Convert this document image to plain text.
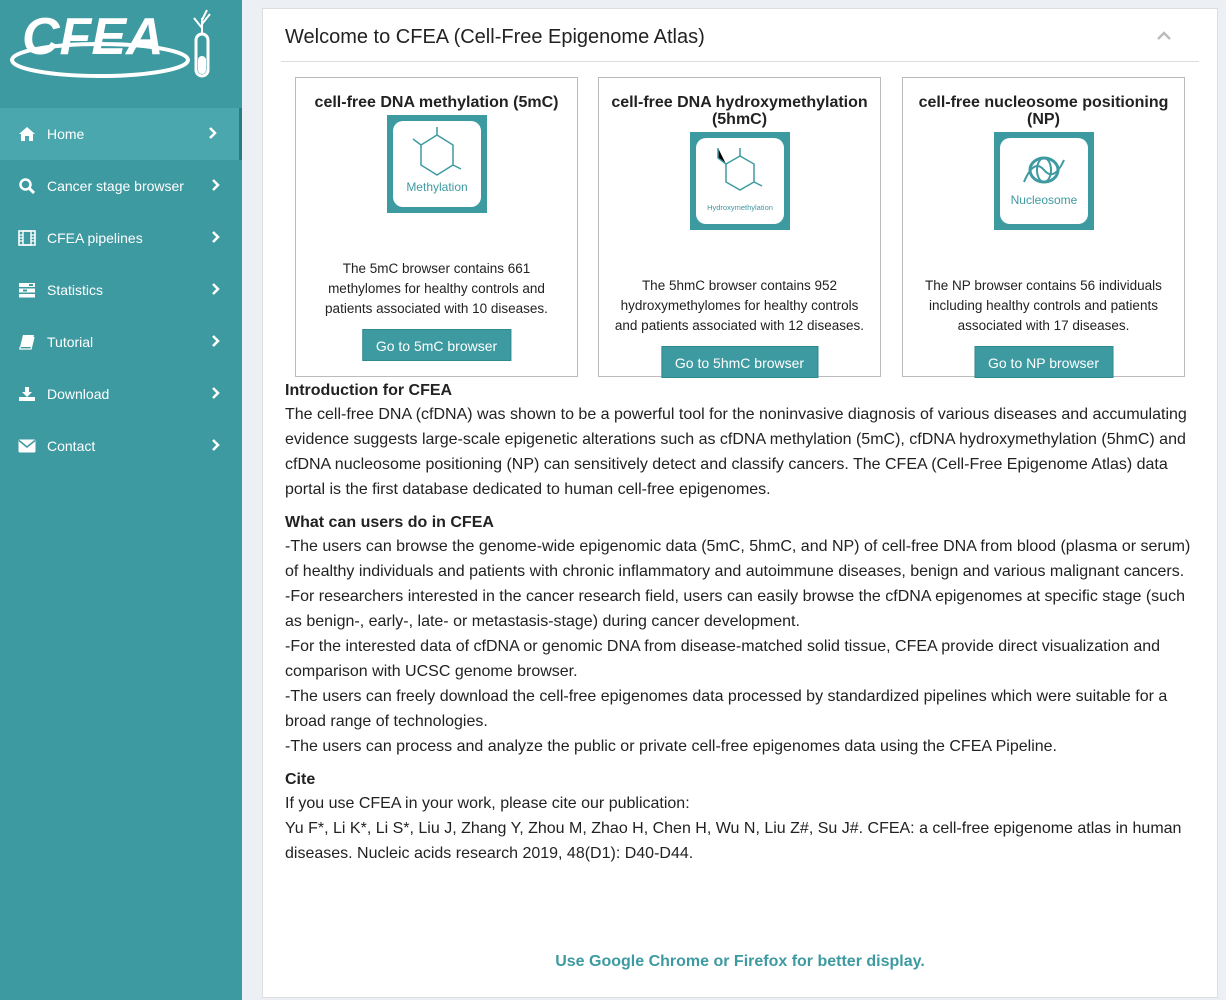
CFEA
Home
Cancer stage browser
CFEA pipelines
Statistics
Tutorial
Download
Contact
Welcome to CFEA (Cell-Free Epigenome Atlas)
cell-free DNA methylation (5mC)
Methylation
The 5mC browser contains 661 methylomes for healthy controls and patients associated with 10 diseases.
Go to 5mC browser
cell-free DNA hydroxymethylation (5hmC)
Hydroxymethylation
The 5hmC browser contains 952 hydroxymethylomes for healthy controls and patients associated with 12 diseases.
Go to 5hmC browser
cell-free nucleosome positioning (NP)
Nucleosome
The NP browser contains 56 individuals including healthy controls and patients associated with 17 diseases.
Go to NP browser
Introduction for CFEA

The cell-free DNA (cfDNA) was shown to be a powerful tool for the noninvasive diagnosis of various diseases and accumulating evidence suggests large-scale epigenetic alterations such as cfDNA methylation (5mC), cfDNA hydroxymethylation (5hmC) and cfDNA nucleosome positioning (NP) can sensitively detect and classify cancers. The CFEA (Cell-Free Epigenome Atlas) data portal is the first database dedicated to human cell-free epigenomes.

What can users do in CFEA

-The users can browse the genome-wide epigenomic data (5mC, 5hmC, and NP) of cell-free DNA from blood (plasma or serum) of healthy individuals and patients with chronic inflammatory and autoimmune diseases, benign and various malignant cancers.

-For researchers interested in the cancer research field, users can easily browse the cfDNA epigenomes at specific stage (such as benign-, early-, late- or metastasis-stage) during cancer development.

-For the interested data of cfDNA or genomic DNA from disease-matched solid tissue, CFEA provide direct visualization and comparison with UCSC genome browser.

-The users can freely download the cell-free epigenomes data processed by standardized pipelines which were suitable for a broad range of technologies.

-The users can process and analyze the public or private cell-free epigenomes data using the CFEA Pipeline.

Cite

If you use CFEA in your work, please cite our publication:

Yu F*, Li K*, Li S*, Liu J, Zhang Y, Zhou M, Zhao H, Chen H, Wu N, Liu Z#, Su J#. CFEA: a cell-free epigenome atlas in human diseases. Nucleic acids research 2019, 48(D1): D40-D44.

Use Google Chrome or Firefox for better display.
